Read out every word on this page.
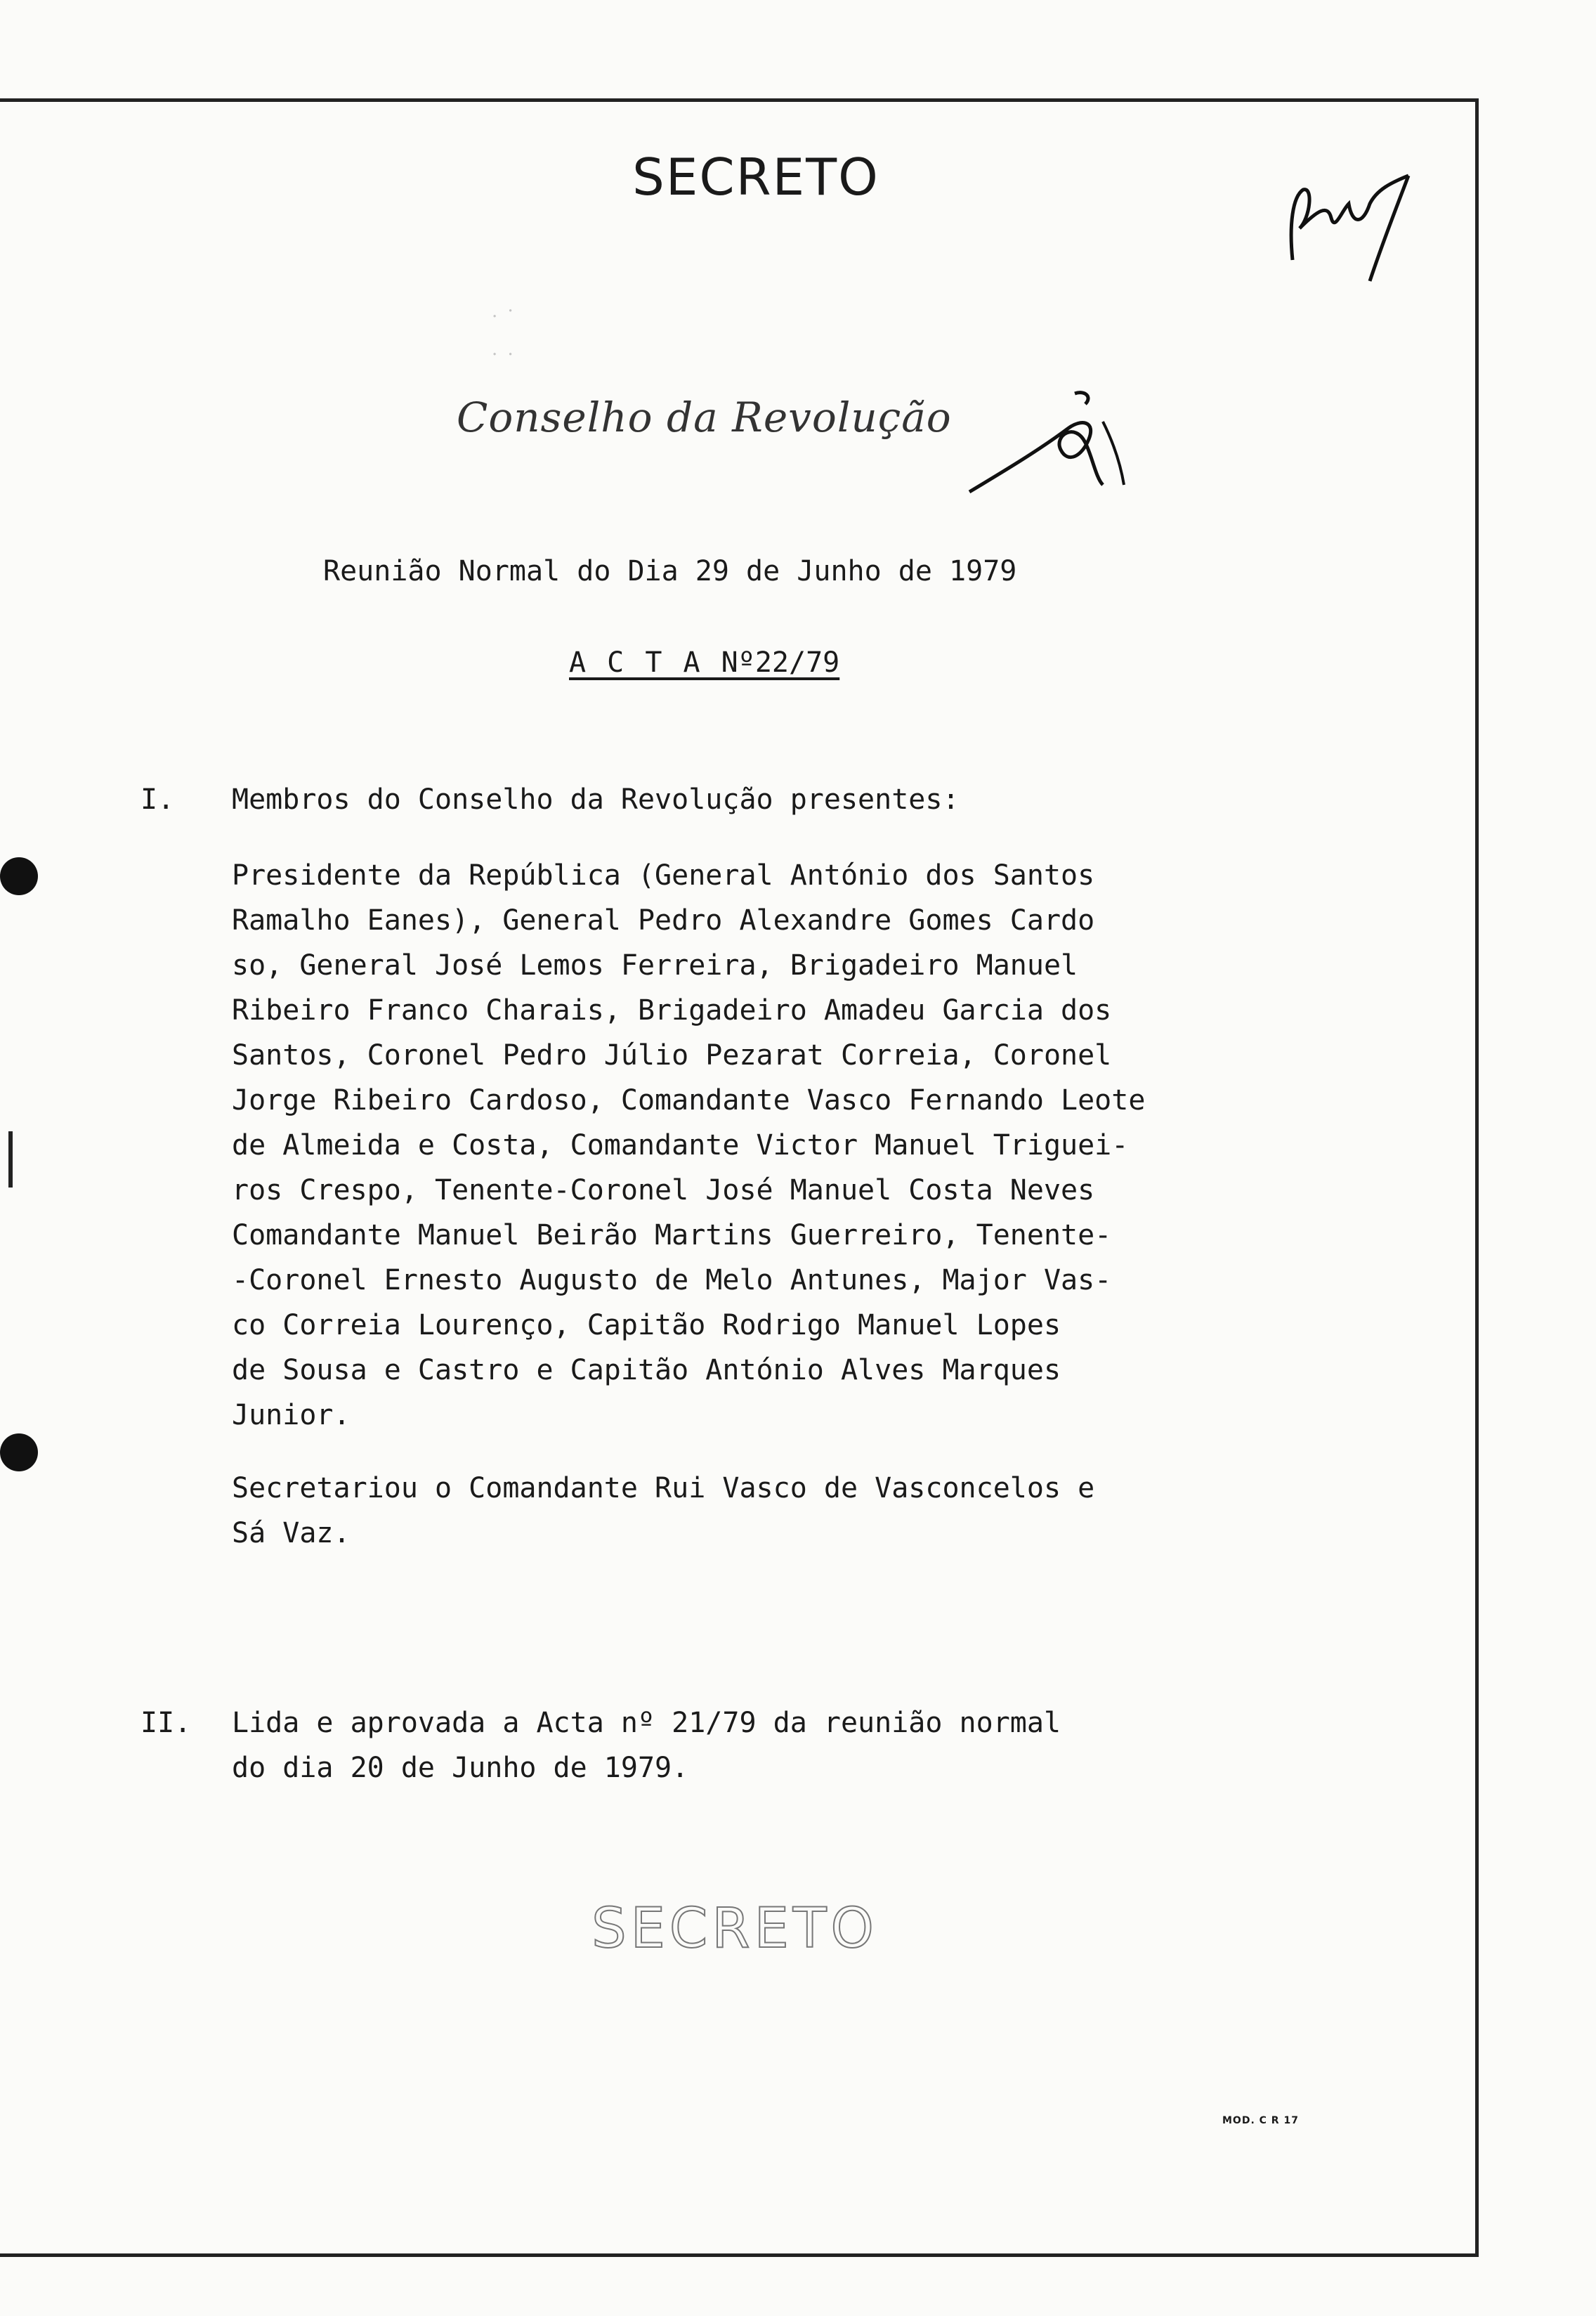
SECRETO
. ·
· ·
Conselho da Revolução
Reunião Normal do Dia 29 de Junho de 1979
A C T A Nº22/79
I.	Membros do Conselho da Revolução presentes:

Presidente da República (General António dos Santos

Ramalho Eanes), General Pedro Alexandre Gomes Cardo

so, General José Lemos Ferreira, Brigadeiro Manuel

Ribeiro Franco Charais, Brigadeiro Amadeu Garcia dos

Santos, Coronel Pedro Júlio Pezarat Correia, Coronel

Jorge Ribeiro Cardoso, Comandante Vasco Fernando Leote

de Almeida e Costa, Comandante Victor Manuel Triguei-

ros Crespo, Tenente-Coronel José Manuel Costa Neves

Comandante Manuel Beirão Martins Guerreiro, Tenente-

-Coronel Ernesto Augusto de Melo Antunes, Major Vas-

co Correia Lourenço, Capitão Rodrigo Manuel Lopes

de Sousa e Castro e Capitão António Alves Marques

Junior.

Secretariou o Comandante Rui Vasco de Vasconcelos e

Sá Vaz.

II.	Lida e aprovada a Acta nº 21/79 da reunião normal

do dia 20 de Junho de 1979.

SECRETO
MOD. C R 17
